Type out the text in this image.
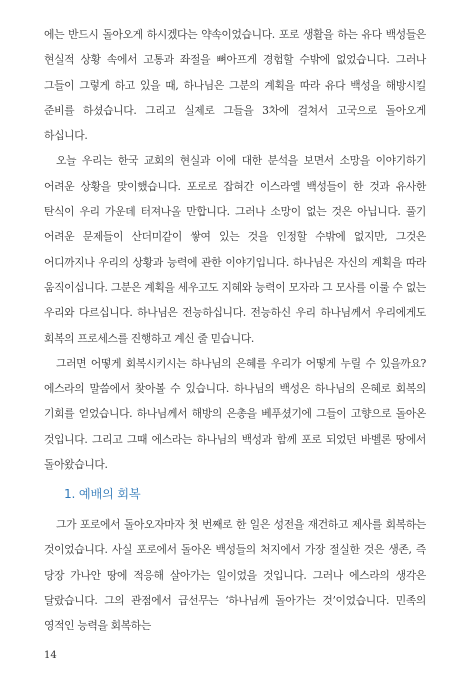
에는 반드시 돌아오게 하시겠다는 약속이었습니다. 포로 생활을 하는 유다 백성들은 현실적 상황 속에서 고통과 좌절을 뼈아프게 경험할 수밖에 없었습니다. 그러나 그들이 그렇게 하고 있을 때, 하나님은 그분의 계획을 따라 유다 백성을 해방시킬 준비를 하셨습니다. 그리고 실제로 그들을 3차에 걸쳐서 고국으로 돌아오게 하십니다.

오늘 우리는 한국 교회의 현실과 이에 대한 분석을 보면서 소망을 이야기하기 어려운 상황을 맞이했습니다. 포로로 잡혀간 이스라엘 백성들이 한 것과 유사한 탄식이 우리 가운데 터져나올 만합니다. 그러나 소망이 없는 것은 아닙니다. 풀기 어려운 문제들이 산더미같이 쌓여 있는 것을 인정할 수밖에 없지만, 그것은 어디까지나 우리의 상황과 능력에 관한 이야기입니다. 하나님은 자신의 계획을 따라 움직이십니다. 그분은 계획을 세우고도 지혜와 능력이 모자라 그 모사를 이룰 수 없는 우리와 다르십니다. 하나님은 전능하십니다. 전능하신 우리 하나님께서 우리에게도 회복의 프로세스를 진행하고 계신 줄 믿습니다.

그러면 어떻게 회복시키시는 하나님의 은혜를 우리가 어떻게 누릴 수 있을까요? 에스라의 말씀에서 찾아볼 수 있습니다. 하나님의 백성은 하나님의 은혜로 회복의 기회를 얻었습니다. 하나님께서 해방의 은총을 베푸셨기에 그들이 고향으로 돌아온 것입니다. 그리고 그때 에스라는 하나님의 백성과 함께 포로 되었던 바벨론 땅에서 돌아왔습니다.

1. 예배의 회복

그가 포로에서 돌아오자마자 첫 번째로 한 일은 성전을 재건하고 제사를 회복하는 것이었습니다. 사실 포로에서 돌아온 백성들의 처지에서 가장 절실한 것은 생존, 즉 당장 가나안 땅에 적응해 살아가는 일이었을 것입니다. 그러나 에스라의 생각은 달랐습니다. 그의 관점에서 급선무는 ‘하나님께 돌아가는 것’이었습니다. 민족의 영적인 능력을 회복하는

14
